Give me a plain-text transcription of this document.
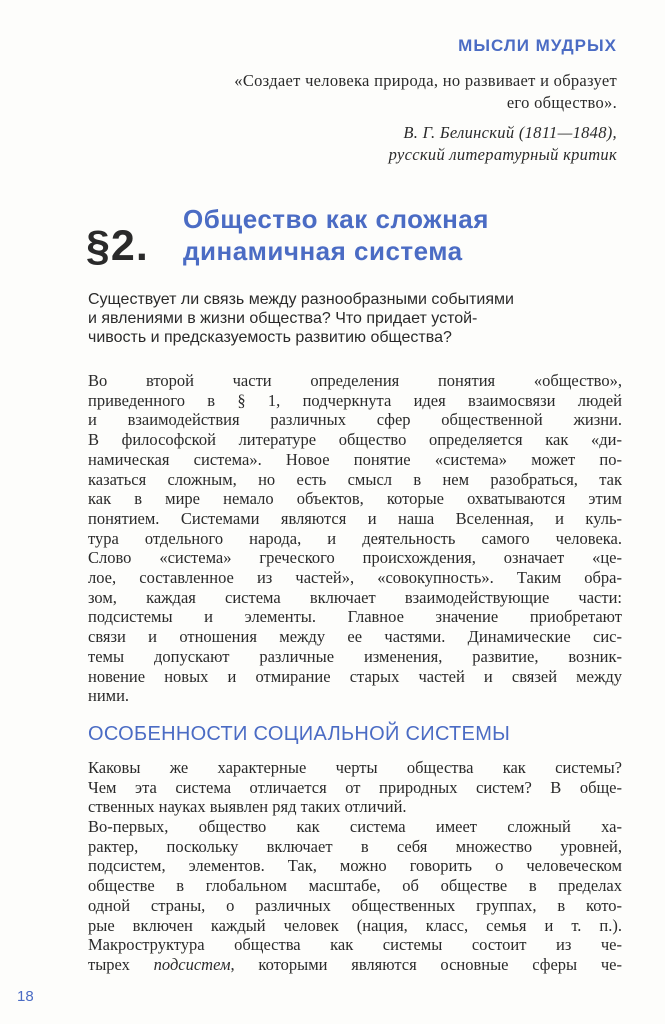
МЫСЛИ МУДРЫХ
«Создает человека природа, но развивает и образует
его общество».
В. Г. Белинский (1811—1848),
русский литературный критик
§2.
Общество как сложная
динамичная система
Существует ли связь между разнообразными событиями
и явлениями в жизни общества? Что придает устой-
чивость и предсказуемость развитию общества?
Во второй части определения понятия «общество»,
приведенного в § 1, подчеркнута идея взаимосвязи людей
и взаимодействия различных сфер общественной жизни.
В философской литературе общество определяется как «ди-
намическая система». Новое понятие «система» может по-
казаться сложным, но есть смысл в нем разобраться, так
как в мире немало объектов, которые охватываются этим
понятием. Системами являются и наша Вселенная, и куль-
тура отдельного народа, и деятельность самого человека.
Слово «система» греческого происхождения, означает «це-
лое, составленное из частей», «совокупность». Таким обра-
зом, каждая система включает взаимодействующие части:
подсистемы и элементы. Главное значение приобретают
связи и отношения между ее частями. Динамические сис-
темы допускают различные изменения, развитие, возник-
новение новых и отмирание старых частей и связей между
ними.
ОСОБЕННОСТИ СОЦИАЛЬНОЙ СИСТЕМЫ
Каковы же характерные черты общества как системы?
Чем эта система отличается от природных систем? В обще-
ственных науках выявлен ряд таких отличий.
Во-первых, общество как система имеет сложный ха-
рактер, поскольку включает в себя множество уровней,
подсистем, элементов. Так, можно говорить о человеческом
обществе в глобальном масштабе, об обществе в пределах
одной страны, о различных общественных группах, в кото-
рые включен каждый человек (нация, класс, семья и т. п.).
Макроструктура общества как системы состоит из че-
тырех подсистем, которыми являются основные сферы че-
18
